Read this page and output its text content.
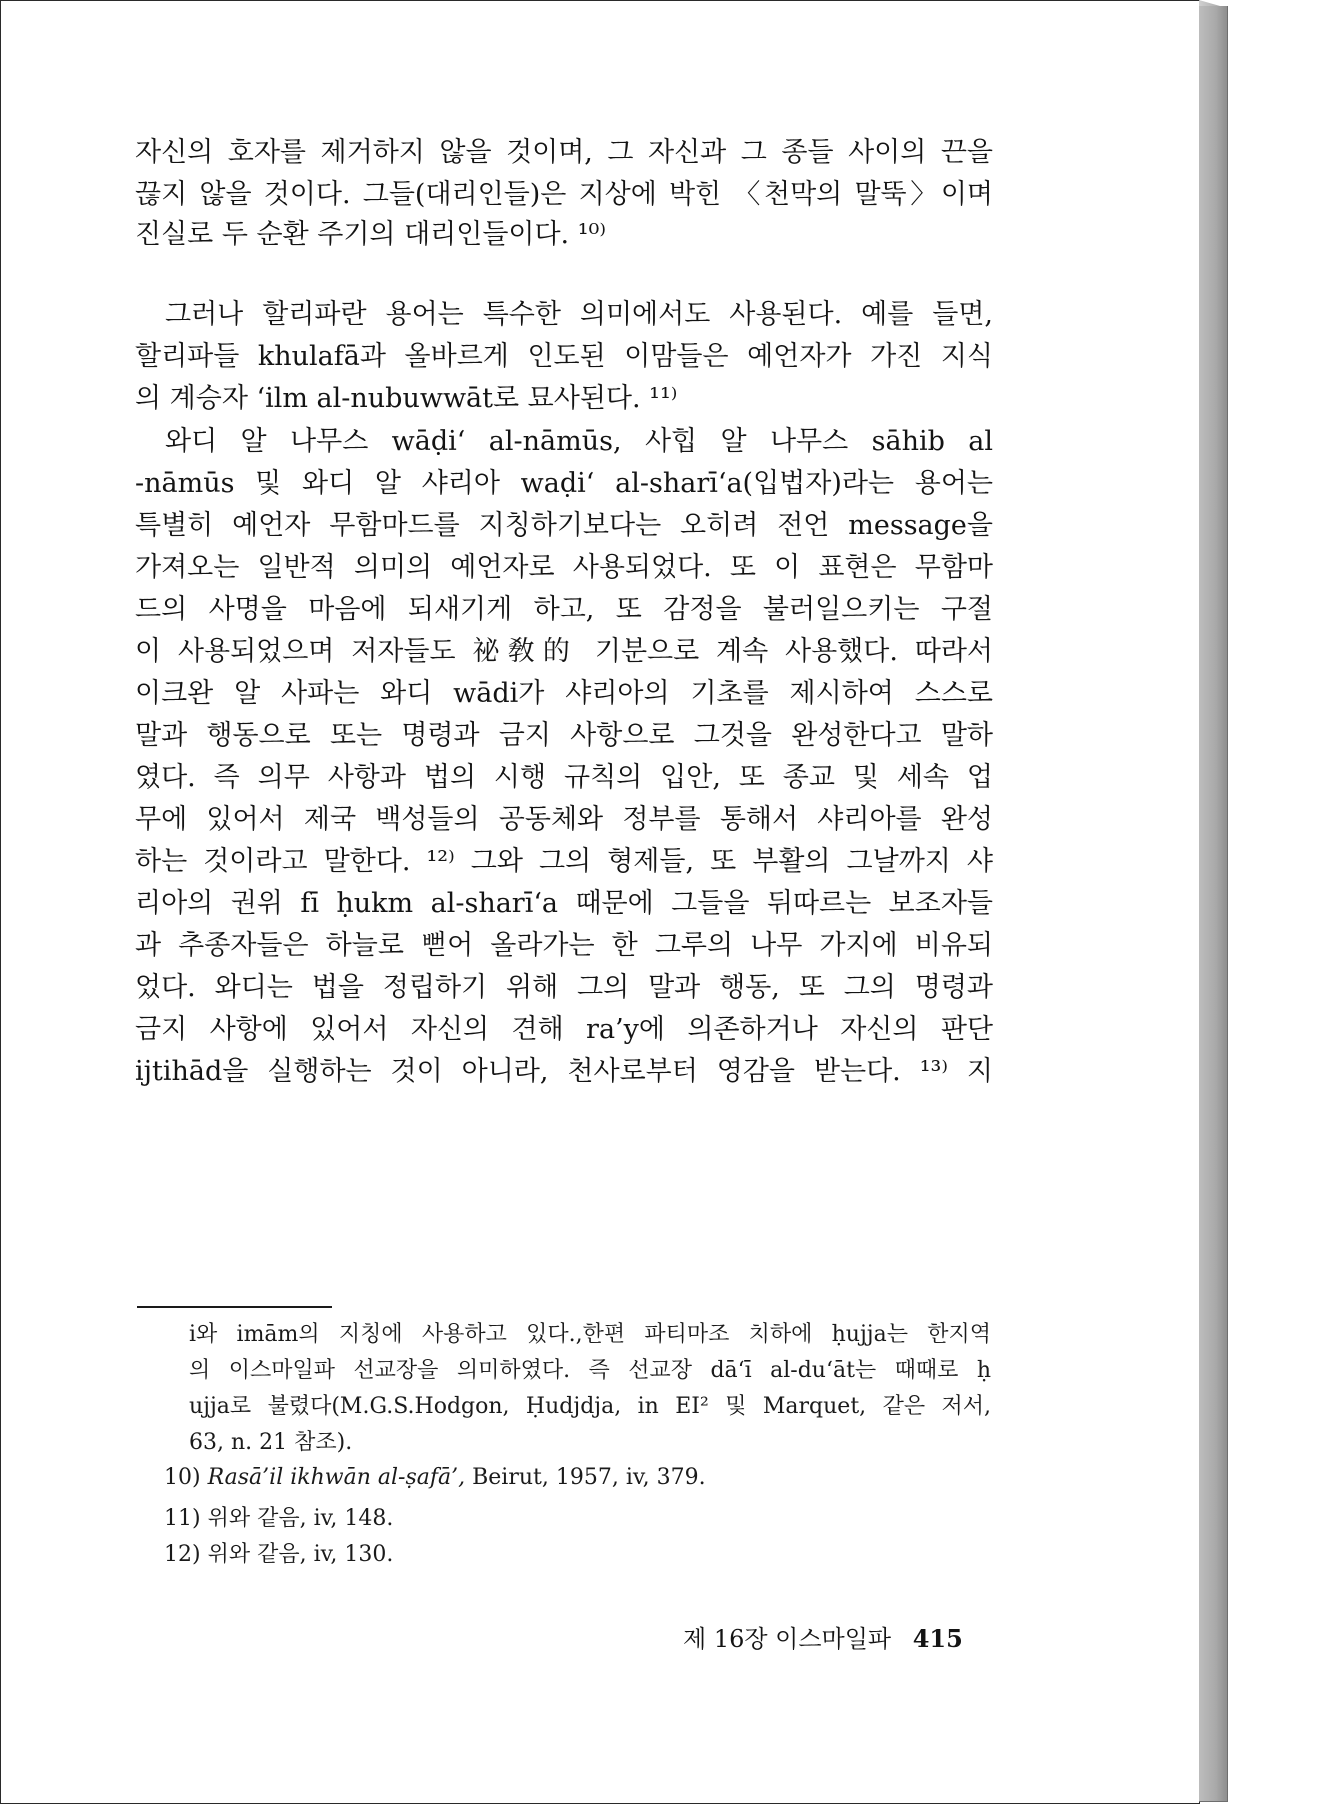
자신의 호자를 제거하지 않을 것이며, 그 자신과 그 종들 사이의 끈을
끊지 않을 것이다. 그들(대리인들)은 지상에 박힌 〈천막의 말뚝〉이며
진실로 두 순환 주기의 대리인들이다. ¹⁰⁾
그러나 할리파란 용어는 특수한 의미에서도 사용된다. 예를 들면,
할리파들 khulafā과 올바르게 인도된 이맘들은 예언자가 가진 지식
의 계승자 ‘ilm al-nubuwwāt로 묘사된다. ¹¹⁾
와디 알 나무스 wāḍi‘ al-nāmūs, 사힙 알 나무스 sāhib al
-nāmūs 및 와디 알 샤리아 waḍi‘ al-sharī‘a(입법자)라는 용어는
특별히 예언자 무함마드를 지칭하기보다는 오히려 전언 message을
가져오는 일반적 의미의 예언자로 사용되었다. 또 이 표현은 무함마
드의 사명을 마음에 되새기게 하고, 또 감정을 불러일으키는 구절
이 사용되었으며 저자들도 祕敎的 기분으로 계속 사용했다. 따라서
이크완 알 사파는 와디 wādi가 샤리아의 기초를 제시하여 스스로
말과 행동으로 또는 명령과 금지 사항으로 그것을 완성한다고 말하
였다. 즉 의무 사항과 법의 시행 규칙의 입안, 또 종교 및 세속 업
무에 있어서 제국 백성들의 공동체와 정부를 통해서 샤리아를 완성
하는 것이라고 말한다. ¹²⁾ 그와 그의 형제들, 또 부활의 그날까지 샤
리아의 권위 fī ḥukm al-sharī‘a 때문에 그들을 뒤따르는 보조자들
과 추종자들은 하늘로 뻗어 올라가는 한 그루의 나무 가지에 비유되
었다. 와디는 법을 정립하기 위해 그의 말과 행동, 또 그의 명령과
금지 사항에 있어서 자신의 견해 ra’y에 의존하거나 자신의 판단
ijtihād을 실행하는 것이 아니라, 천사로부터 영감을 받는다. ¹³⁾ 지
i와 imām의 지칭에 사용하고 있다.,한편 파티마조 치하에 ḥujja는 한지역
의 이스마일파 선교장을 의미하였다. 즉 선교장 dā‘ī al-du‘āt는 때때로 ḥ
ujja로 불렸다(M.G.S.Hodgon, Ḥudjdja, in EI² 및 Marquet, 같은 저서,
63, n. 21 참조).
10) Rasā’il ikhwān al-ṣafā’, Beirut, 1957, iv, 379.
11) 위와 같음, iv, 148.
12) 위와 같음, iv, 130.
제 16장 이스마일파 415
